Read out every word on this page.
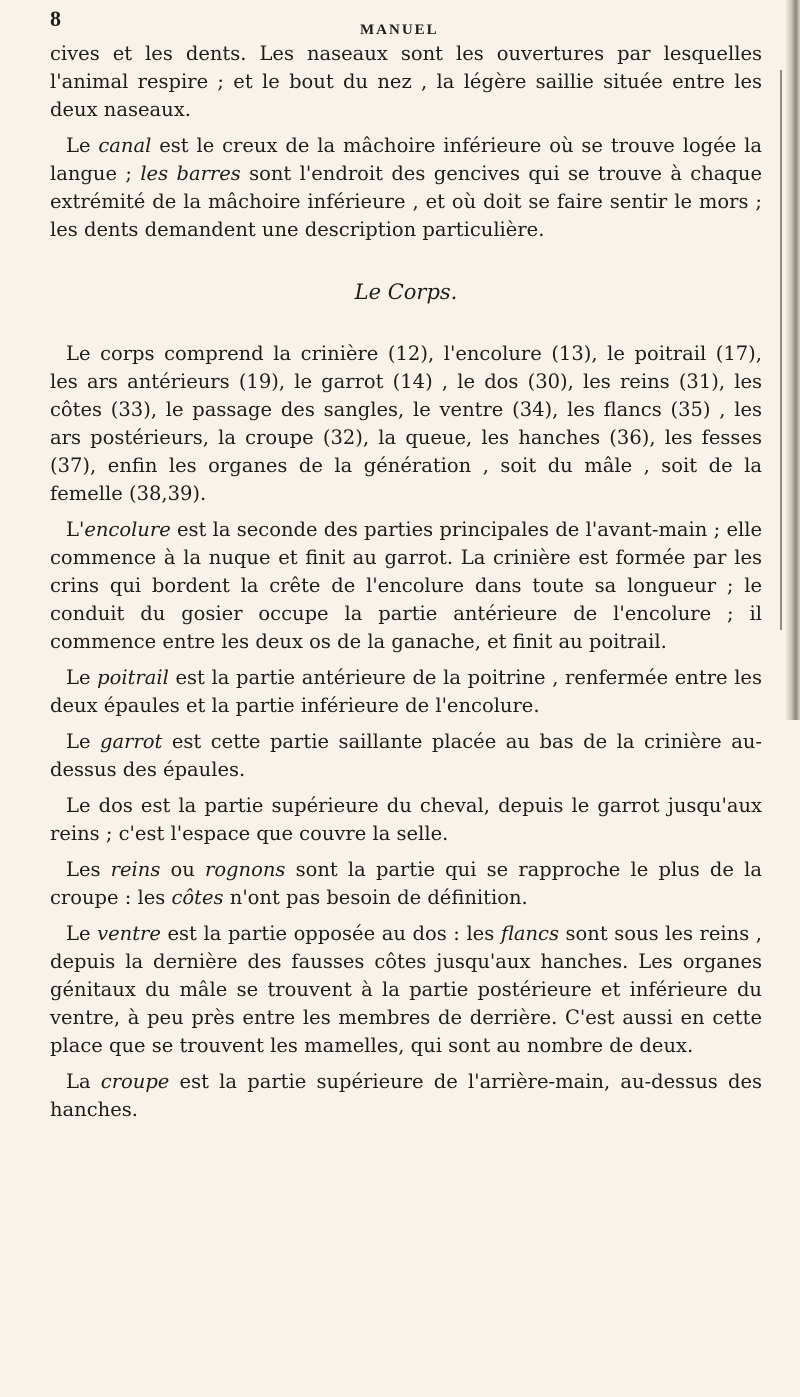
8	MANUEL

cives et les dents. Les naseaux sont les ouvertures par lesquelles l'animal respire ; et le bout du nez , la légère saillie située entre les deux naseaux.

Le canal est le creux de la mâchoire inférieure où se trouve logée la langue ; les barres sont l'endroit des gencives qui se trouve à chaque extrémité de la mâchoire inférieure , et où doit se faire sentir le mors ; les dents demandent une description particulière.

Le Corps.

Le corps comprend la crinière (12), l'encolure (13), le poitrail (17), les ars antérieurs (19), le garrot (14) , le dos (30), les reins (31), les côtes (33), le passage des sangles, le ventre (34), les flancs (35) , les ars postérieurs, la croupe (32), la queue, les hanches (36), les fesses (37), enfin les organes de la génération , soit du mâle , soit de la femelle (38,39).

L'encolure est la seconde des parties principales de l'avant-main ; elle commence à la nuque et finit au garrot. La crinière est formée par les crins qui bordent la crête de l'encolure dans toute sa longueur ; le conduit du gosier occupe la partie antérieure de l'encolure ; il commence entre les deux os de la ganache, et finit au poitrail.

Le poitrail est la partie antérieure de la poitrine , renfermée entre les deux épaules et la partie inférieure de l'encolure.

Le garrot est cette partie saillante placée au bas de la crinière au-dessus des épaules.

Le dos est la partie supérieure du cheval, depuis le garrot jusqu'aux reins ; c'est l'espace que couvre la selle.

Les reins ou rognons sont la partie qui se rapproche le plus de la croupe : les côtes n'ont pas besoin de définition.

Le ventre est la partie opposée au dos : les flancs sont sous les reins , depuis la dernière des fausses côtes jusqu'aux hanches. Les organes génitaux du mâle se trouvent à la partie postérieure et inférieure du ventre, à peu près entre les membres de derrière. C'est aussi en cette place que se trouvent les mamelles, qui sont au nombre de deux.

La croupe est la partie supérieure de l'arrière-main, au-dessus des hanches.
